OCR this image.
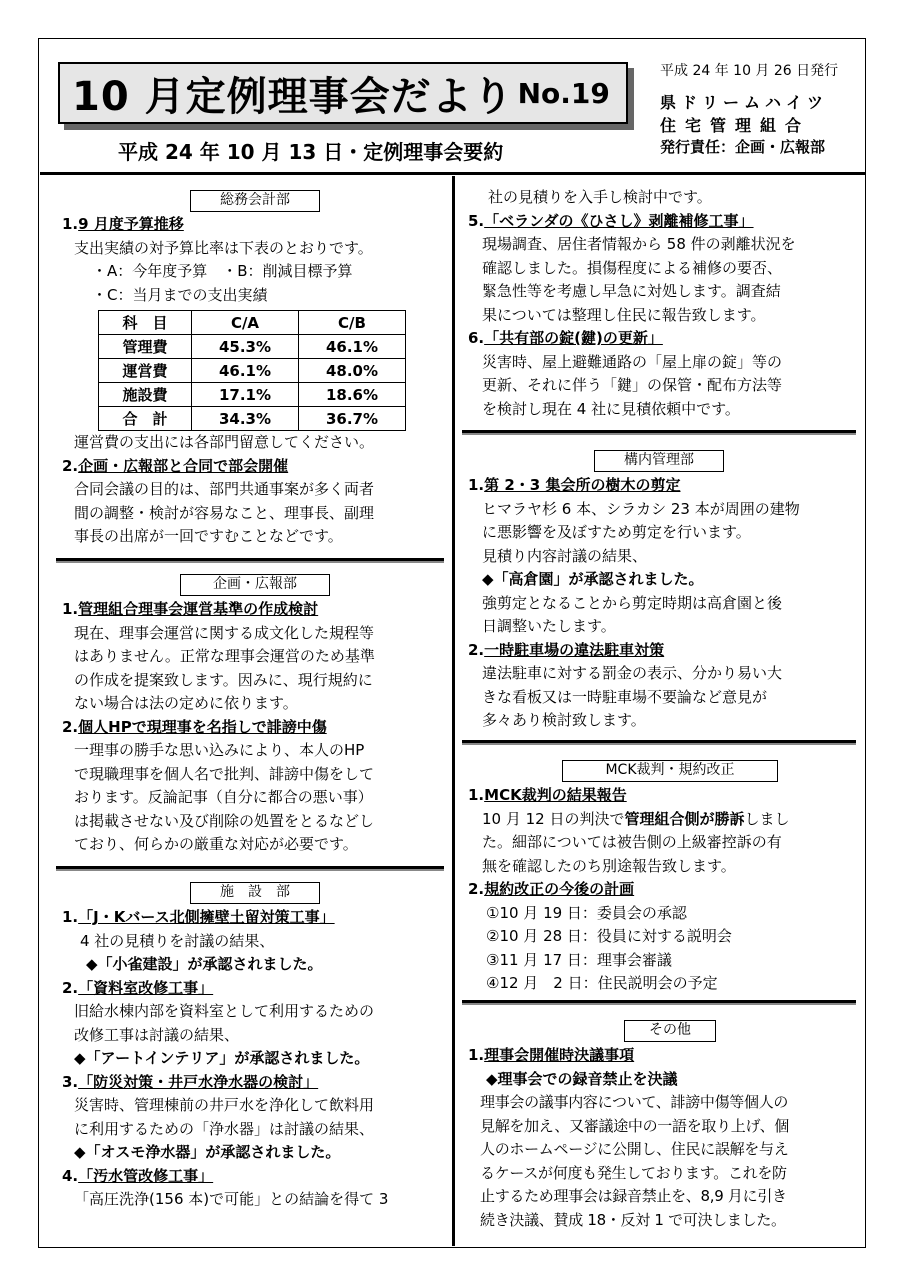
10 月定例理事会だより No.19
平成 24 年 10 月 13 日・定例理事会要約
平成 24 年 10 月 26 日発行
県ドリームハイツ
住宅管理組合
発行責任：企画・広報部
総務会計部
1.9 月度予算推移
支出実績の対予算比率は下表のとおりです。
・A：今年度予算　・B：削減目標予算
・C：当月までの支出実績
科　目	C/A	C/B
管理費	45.3%	46.1%
運営費	46.1%	48.0%
施設費	17.1%	18.6%
合　計	34.3%	36.7%
運営費の支出には各部門留意してください。
2.企画・広報部と合同で部会開催
合同会議の目的は、部門共通事案が多く両者
間の調整・検討が容易なこと、理事長、副理
事長の出席が一回ですむことなどです。
企画・広報部
1.管理組合理事会運営基準の作成検討
現在、理事会運営に関する成文化した規程等
はありません。正常な理事会運営のため基準
の作成を提案致します。因みに、現行規約に
ない場合は法の定めに依ります。
2.個人HPで現理事を名指しで誹謗中傷
一理事の勝手な思い込みにより、本人のHP
で現職理事を個人名で批判、誹謗中傷をして
おります。反論記事（自分に都合の悪い事）
は掲載させない及び削除の処置をとるなどし
ており、何らかの厳重な対応が必要です。
施　設　部
1.「J・Kバース北側擁壁土留対策工事」
4 社の見積りを討議の結果、
◆「小雀建設」が承認されました。
2.「資料室改修工事」
旧給水棟内部を資料室として利用するための
改修工事は討議の結果、
◆「アートインテリア」が承認されました。
3.「防災対策・井戸水浄水器の検討」
災害時、管理棟前の井戸水を浄化して飲料用
に利用するための「浄水器」は討議の結果、
◆「オスモ浄水器」が承認されました。
4.「汚水管改修工事」
「高圧洗浄(156 本)で可能」との結論を得て 3
社の見積りを入手し検討中です。
5.「ベランダの《ひさし》剥離補修工事」
現場調査、居住者情報から 58 件の剥離状況を
確認しました。損傷程度による補修の要否、
緊急性等を考慮し早急に対処します。調査結
果については整理し住民に報告致します。
6.「共有部の錠(鍵)の更新」
災害時、屋上避難通路の「屋上扉の錠」等の
更新、それに伴う「鍵」の保管・配布方法等
を検討し現在 4 社に見積依頼中です。
構内管理部
1.第 2・3 集会所の樹木の剪定
ヒマラヤ杉 6 本、シラカシ 23 本が周囲の建物
に悪影響を及ぼすため剪定を行います。
見積り内容討議の結果、
◆「高倉園」が承認されました。
強剪定となることから剪定時期は高倉園と後
日調整いたします。
2.一時駐車場の違法駐車対策
違法駐車に対する罰金の表示、分かり易い大
きな看板又は一時駐車場不要論など意見が
多々あり検討致します。
MCK裁判・規約改正
1.MCK裁判の結果報告
10 月 12 日の判決で管理組合側が勝訴しまし
た。細部については被告側の上級審控訴の有
無を確認したのち別途報告致します。
2.規約改正の今後の計画
①10 月 19 日：委員会の承認
②10 月 28 日：役員に対する説明会
③11 月 17 日：理事会審議
④12 月　2 日：住民説明会の予定
その他
1.理事会開催時決議事項
◆理事会での録音禁止を決議
理事会の議事内容について、誹謗中傷等個人の
見解を加え、又審議途中の一語を取り上げ、個
人のホームページに公開し、住民に誤解を与え
るケースが何度も発生しております。これを防
止するため理事会は録音禁止を、8,9 月に引き
続き決議、賛成 18・反対 1 で可決しました。
